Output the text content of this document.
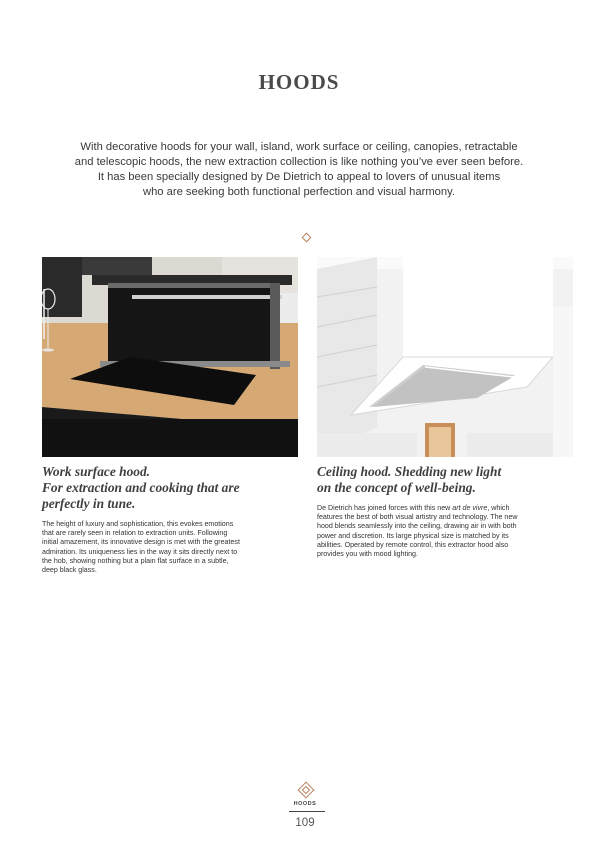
HOODS
With decorative hoods for your wall, island, work surface or ceiling, canopies, retractable
and telescopic hoods, the new extraction collection is like nothing you’ve ever seen before.
It has been specially designed by De Dietrich to appeal to lovers of unusual items
who are seeking both functional perfection and visual harmony.
Work surface hood.
For extraction and cooking that are
perfectly in tune.
Ceiling hood. Shedding new light
on the concept of well-being.
The height of luxury and sophistication, this evokes emotions
that are rarely seen in relation to extraction units. Following
initial amazement, its innovative design is met with the greatest
admiration. Its uniqueness lies in the way it sits directly next to
the hob, showing nothing but a plain flat surface in a subtle,
deep black glass.
De Dietrich has joined forces with this new art de vivre, which
features the best of both visual artistry and technology. The new
hood blends seamlessly into the ceiling, drawing air in with both
power and discretion. Its large physical size is matched by its
abilities. Operated by remote control, this extractor hood also
provides you with mood lighting.
HOODS
109
